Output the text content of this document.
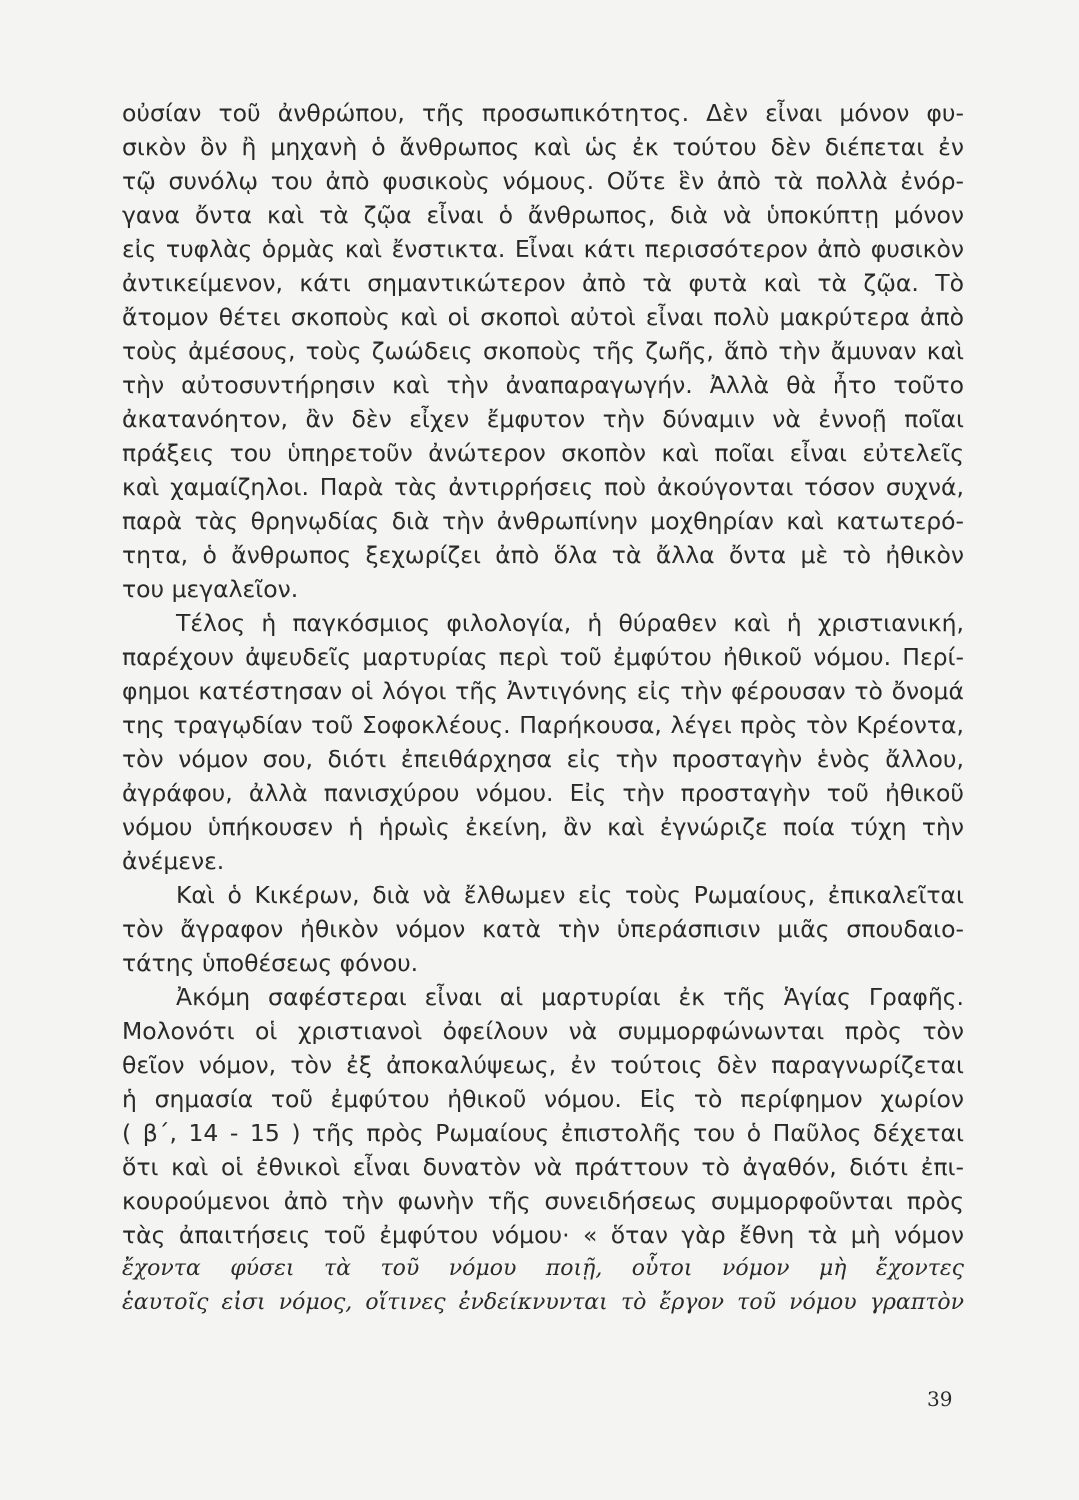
οὐσίαν τοῦ ἀνθρώπου, τῆς προσωπικότητος. Δὲν εἶναι μόνον φυ-
σικὸν ὂν ἢ μηχανὴ ὁ ἄνθρωπος καὶ ὡς ἐκ τούτου δὲν διέπεται ἐν
τῷ συνόλῳ του ἀπὸ φυσικοὺς νόμους. Οὔτε ἓν ἀπὸ τὰ πολλὰ ἐνόρ-
γανα ὄντα καὶ τὰ ζῷα εἶναι ὁ ἄνθρωπος, διὰ νὰ ὑποκύπτῃ μόνον
εἰς τυφλὰς ὁρμὰς καὶ ἔνστικτα. Εἶναι κάτι περισσότερον ἀπὸ φυσικὸν
ἀντικείμενον, κάτι σημαντικώτερον ἀπὸ τὰ φυτὰ καὶ τὰ ζῷα. Τὸ
ἄτομον θέτει σκοποὺς καὶ οἱ σκοποὶ αὐτοὶ εἶναι πολὺ μακρύτερα ἀπὸ
τοὺς ἀμέσους, τοὺς ζωώδεις σκοποὺς τῆς ζωῆς, ἅπὸ τὴν ἄμυναν καὶ
τὴν αὐτοσυντήρησιν καὶ τὴν ἀναπαραγωγήν. Ἀλλὰ θὰ ἦτο τοῦτο
ἀκατανόητον, ἂν δὲν εἶχεν ἔμφυτον τὴν δύναμιν νὰ ἐννοῇ ποῖαι
πράξεις του ὑπηρετοῦν ἀνώτερον σκοπὸν καὶ ποῖαι εἶναι εὐτελεῖς
καὶ χαμαίζηλοι. Παρὰ τὰς ἀντιρρήσεις ποὺ ἀκούγονται τόσον συχνά,
παρὰ τὰς θρηνῳδίας διὰ τὴν ἀνθρωπίνην μοχθηρίαν καὶ κατωτερό-
τητα, ὁ ἄνθρωπος ξεχωρίζει ἀπὸ ὅλα τὰ ἄλλα ὄντα μὲ τὸ ἠθικὸν
του μεγαλεῖον.
Τέλος ἡ παγκόσμιος φιλολογία, ἡ θύραθεν καὶ ἡ χριστιανική,
παρέχουν ἀψευδεῖς μαρτυρίας περὶ τοῦ ἐμφύτου ἠθικοῦ νόμου. Περί-
φημοι κατέστησαν οἱ λόγοι τῆς Ἀντιγόνης εἰς τὴν φέρουσαν τὸ ὄνομά
της τραγῳδίαν τοῦ Σοφοκλέους. Παρήκουσα, λέγει πρὸς τὸν Κρέοντα,
τὸν νόμον σου, διότι ἐπειθάρχησα εἰς τὴν προσταγὴν ἑνὸς ἄλλου,
ἀγράφου, ἀλλὰ πανισχύρου νόμου. Εἰς τὴν προσταγὴν τοῦ ἠθικοῦ
νόμου ὑπήκουσεν ἡ ἡρωὶς ἐκείνη, ἂν καὶ ἐγνώριζε ποία τύχη τὴν
ἀνέμενε.
Καὶ ὁ Κικέρων, διὰ νὰ ἔλθωμεν εἰς τοὺς Ρωμαίους, ἐπικαλεῖται
τὸν ἄγραφον ἠθικὸν νόμον κατὰ τὴν ὑπεράσπισιν μιᾶς σπουδαιο-
τάτης ὑποθέσεως φόνου.
Ἀκόμη σαφέστεραι εἶναι αἱ μαρτυρίαι ἐκ τῆς Ἁγίας Γραφῆς.
Μολονότι οἱ χριστιανοὶ ὀφείλουν νὰ συμμορφώνωνται πρὸς τὸν
θεῖον νόμον, τὸν ἐξ ἀποκαλύψεως, ἐν τούτοις δὲν παραγνωρίζεται
ἡ σημασία τοῦ ἐμφύτου ἠθικοῦ νόμου. Εἰς τὸ περίφημον χωρίον
( β΄, 14 - 15 ) τῆς πρὸς Ρωμαίους ἐπιστολῆς του ὁ Παῦλος δέχεται
ὅτι καὶ οἱ ἐθνικοὶ εἶναι δυνατὸν νὰ πράττουν τὸ ἀγαθόν, διότι ἐπι-
κουρούμενοι ἀπὸ τὴν φωνὴν τῆς συνειδήσεως συμμορφοῦνται πρὸς
τὰς ἀπαιτήσεις τοῦ ἐμφύτου νόμου· « ὅταν γὰρ ἔθνη τὰ μὴ νόμον
ἔχοντα φύσει τὰ τοῦ νόμου ποιῇ, οὗτοι νόμον μὴ ἔχοντες
ἑαυτοῖς εἰσι νόμος, οἵτινες ἐνδείκνυνται τὸ ἔργον τοῦ νόμου γραπτὸν
39
